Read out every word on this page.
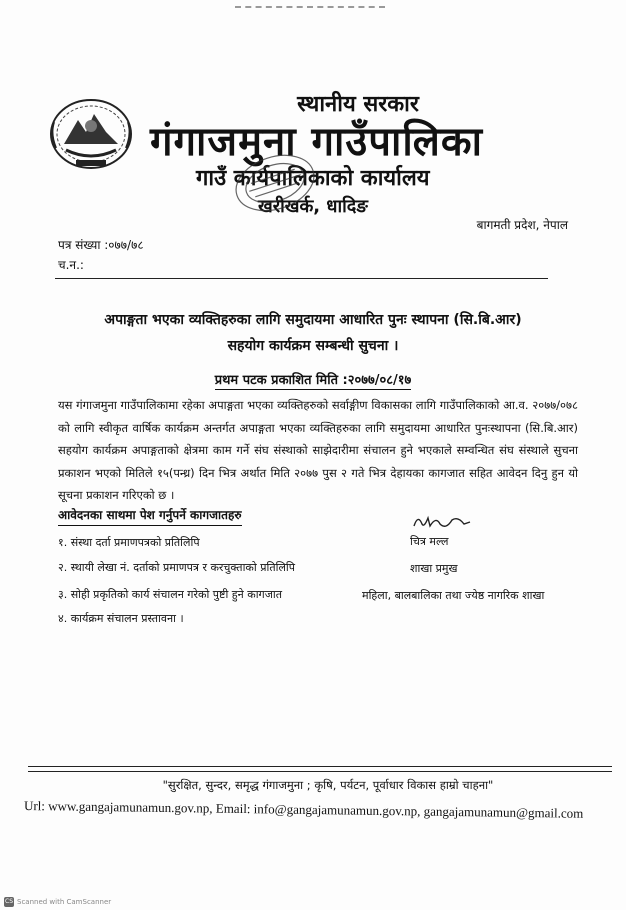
स्थानीय सरकार
गंगाजमुना गाउँपालिका
गाउँ कार्यपालिकाको कार्यालय
खरीखर्क, धादिङ
बागमती प्रदेश, नेपाल
पत्र संख्या :०७७/७८
च.न.:
अपाङ्गता भएका व्यक्तिहरुका लागि समुदायमा आधारित पुनः स्थापना (सि.बि.आर)
सहयोग कार्यक्रम सम्बन्धी सुचना ।
प्रथम पटक प्रकाशित मिति :२०७७/०८/१७
यस गंगाजमुना गाउँपालिकामा रहेका अपाङ्गता भएका व्यक्तिहरुको सर्वाङ्गीण विकासका लागि गाउँपालिकाको आ.व. २०७७/०७८ को लागि स्वीकृत वार्षिक कार्यक्रम अन्तर्गत अपाङ्गता भएका व्यक्तिहरुका लागि समुदायमा आधारित पुनःस्थापना (सि.बि.आर) सहयोग कार्यक्रम अपाङ्गताको क्षेत्रमा काम गर्ने संघ संस्थाको साझेदारीमा संचालन हुने भएकाले सम्वन्धित संघ संस्थाले सुचना प्रकाशन भएको मितिले १५(पन्ध्र) दिन भित्र अर्थात मिति २०७७ पुस २ गते भित्र देहायका कागजात सहित आवेदन दिनु हुन यो सूचना प्रकाशन गरिएको छ ।
आवेदनका साथमा पेश गर्नुपर्ने कागजातहरु
१. संस्था दर्ता प्रमाणपत्रको प्रतिलिपि
२. स्थायी लेखा नं. दर्ताको प्रमाणपत्र र करचुक्ताको प्रतिलिपि
३. सोही प्रकृतिको कार्य संचालन गरेको पुष्टी हुने कागजात
४. कार्यक्रम संचालन प्रस्तावना ।
चित्र मल्ल
शाखा प्रमुख
महिला, बालबालिका तथा ज्येष्ठ नागरिक शाखा
"सुरक्षित, सुन्दर, समृद्ध गंगाजमुना ; कृषि, पर्यटन, पूर्वाधार विकास हाम्रो चाहना"
Url: www.gangajamunamun.gov.np, Email: info@gangajamunamun.gov.np, gangajamunamun@gmail.com
CS Scanned with CamScanner
